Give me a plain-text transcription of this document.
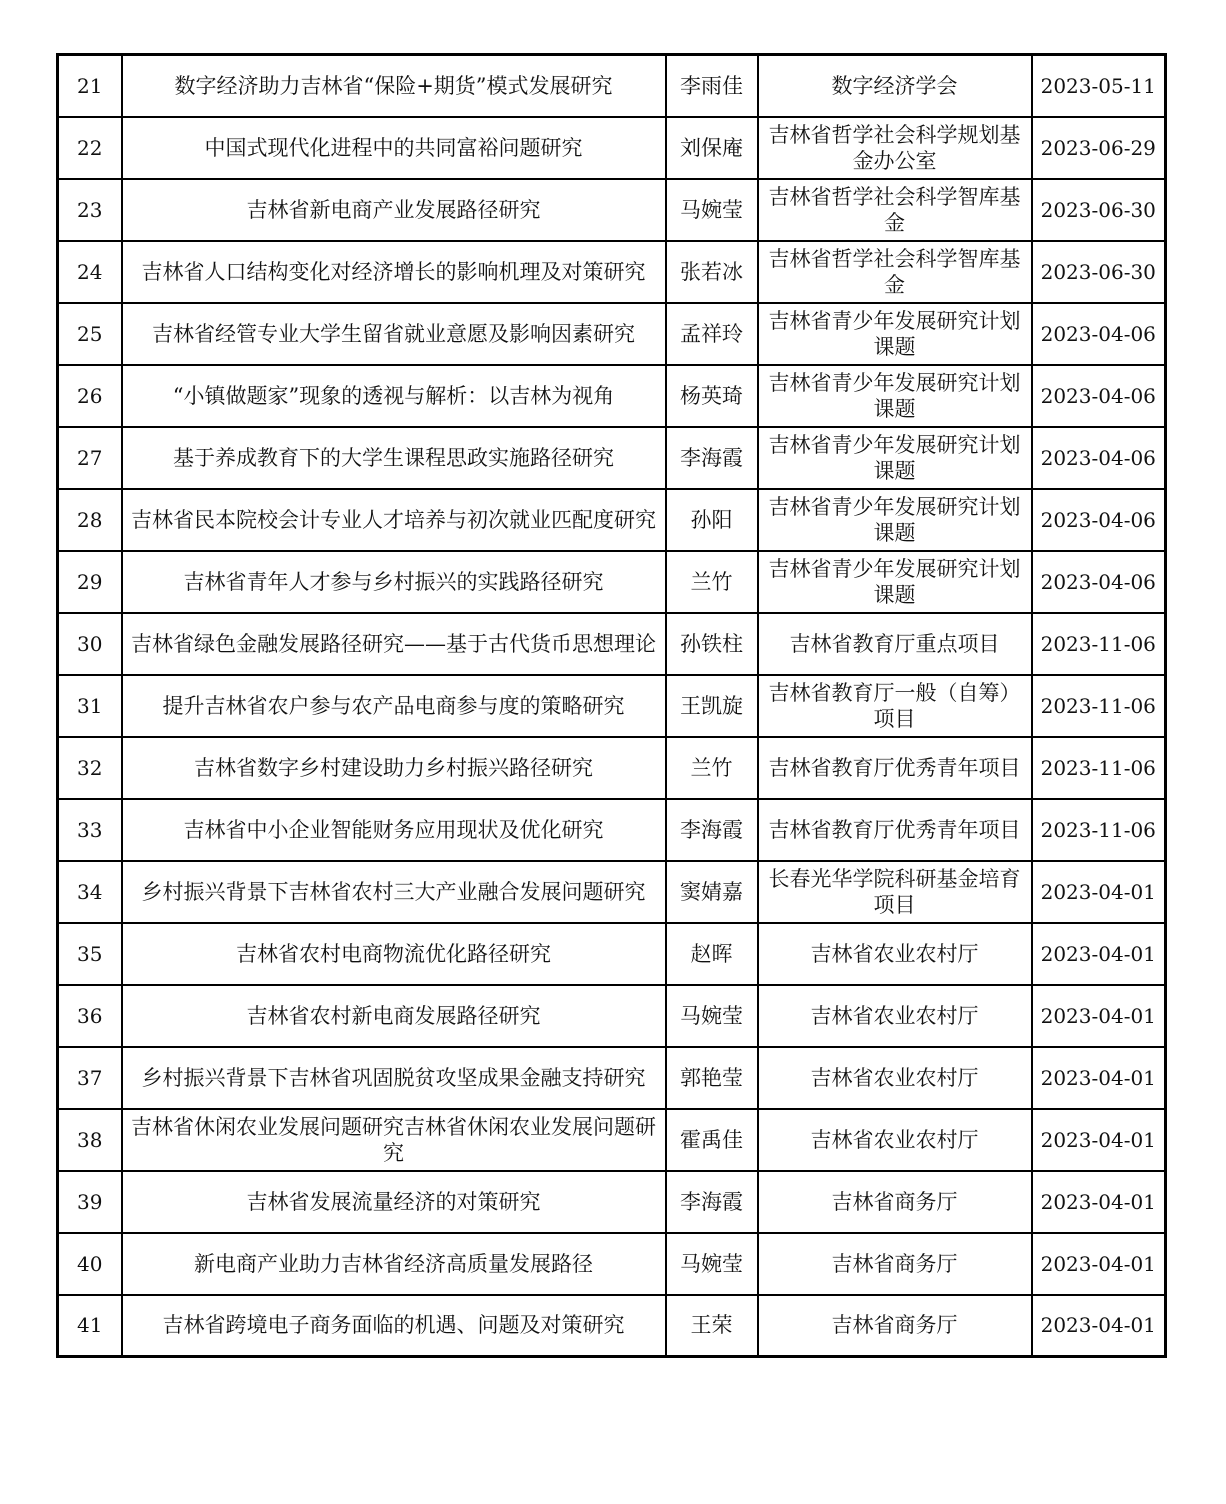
21	数字经济助力吉林省“保险+期货”模式发展研究	李雨佳	数字经济学会	2023-05-11
22	中国式现代化进程中的共同富裕问题研究	刘保庵	吉林省哲学社会科学规划基金办公室	2023-06-29
23	吉林省新电商产业发展路径研究	马婉莹	吉林省哲学社会科学智库基金	2023-06-30
24	吉林省人口结构变化对经济增长的影响机理及对策研究	张若冰	吉林省哲学社会科学智库基金	2023-06-30
25	吉林省经管专业大学生留省就业意愿及影响因素研究	孟祥玲	吉林省青少年发展研究计划课题	2023-04-06
26	“小镇做题家”现象的透视与解析：以吉林为视角	杨英琦	吉林省青少年发展研究计划课题	2023-04-06
27	基于养成教育下的大学生课程思政实施路径研究	李海霞	吉林省青少年发展研究计划课题	2023-04-06
28	吉林省民本院校会计专业人才培养与初次就业匹配度研究	孙阳	吉林省青少年发展研究计划课题	2023-04-06
29	吉林省青年人才参与乡村振兴的实践路径研究	兰竹	吉林省青少年发展研究计划课题	2023-04-06
30	吉林省绿色金融发展路径研究——基于古代货币思想理论	孙铁柱	吉林省教育厅重点项目	2023-11-06
31	提升吉林省农户参与农产品电商参与度的策略研究	王凯旋	吉林省教育厅一般（自筹）项目	2023-11-06
32	吉林省数字乡村建设助力乡村振兴路径研究	兰竹	吉林省教育厅优秀青年项目	2023-11-06
33	吉林省中小企业智能财务应用现状及优化研究	李海霞	吉林省教育厅优秀青年项目	2023-11-06
34	乡村振兴背景下吉林省农村三大产业融合发展问题研究	窦婧嘉	长春光华学院科研基金培育项目	2023-04-01
35	吉林省农村电商物流优化路径研究	赵晖	吉林省农业农村厅	2023-04-01
36	吉林省农村新电商发展路径研究	马婉莹	吉林省农业农村厅	2023-04-01
37	乡村振兴背景下吉林省巩固脱贫攻坚成果金融支持研究	郭艳莹	吉林省农业农村厅	2023-04-01
38	吉林省休闲农业发展问题研究吉林省休闲农业发展问题研究	霍禹佳	吉林省农业农村厅	2023-04-01
39	吉林省发展流量经济的对策研究	李海霞	吉林省商务厅	2023-04-01
40	新电商产业助力吉林省经济高质量发展路径	马婉莹	吉林省商务厅	2023-04-01
41	吉林省跨境电子商务面临的机遇、问题及对策研究	王荣	吉林省商务厅	2023-04-01
